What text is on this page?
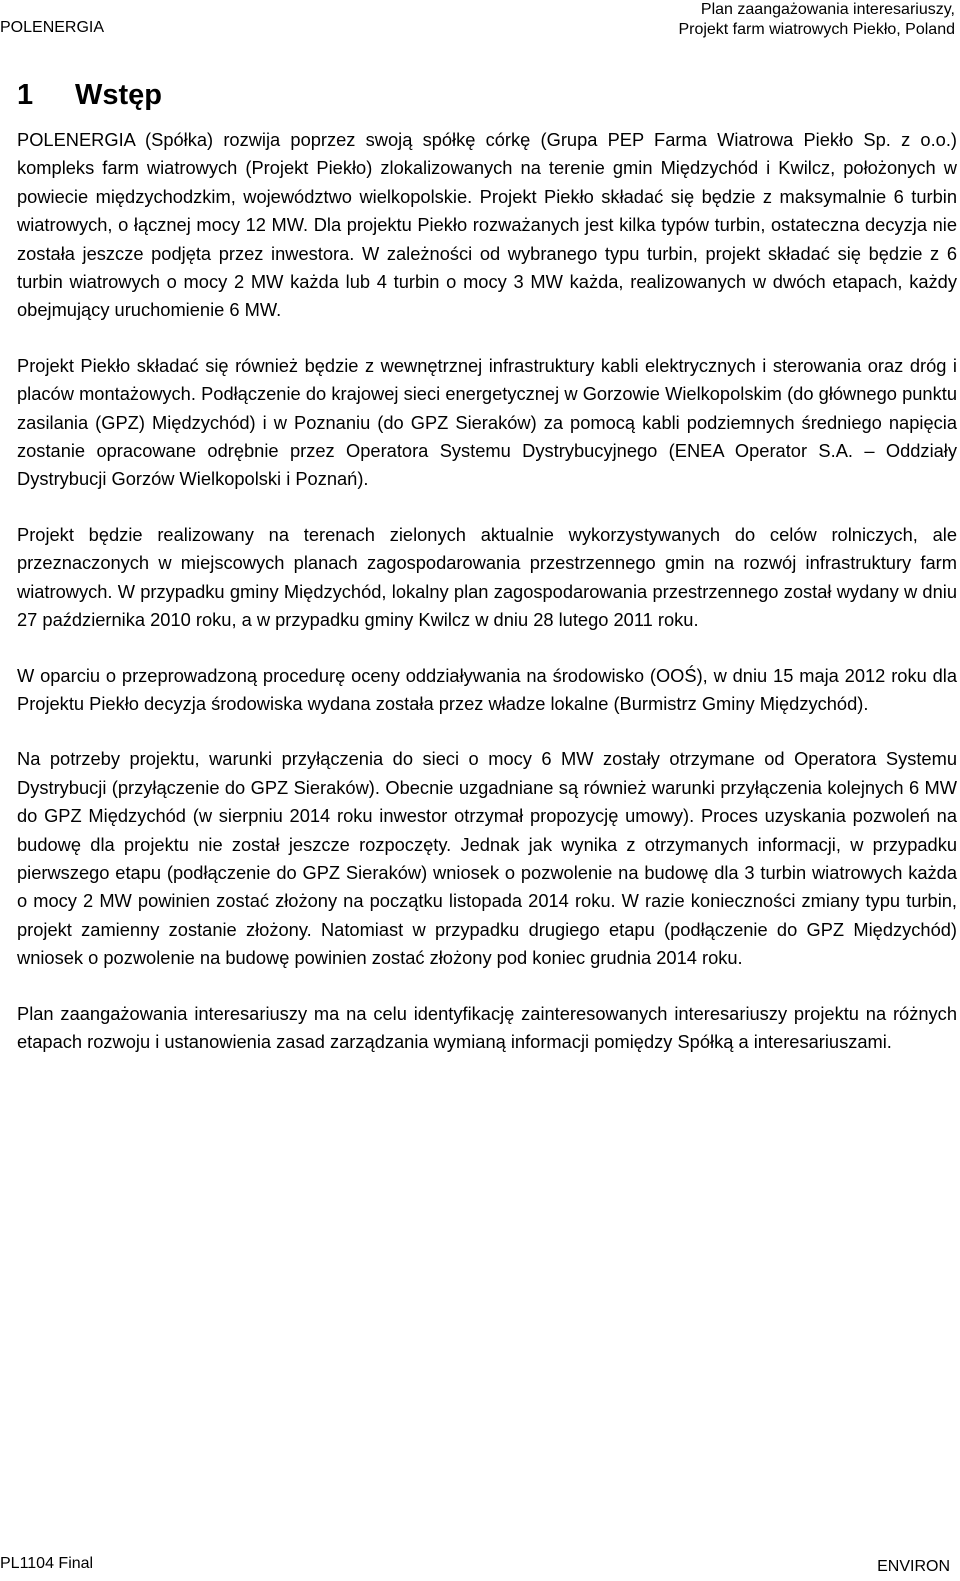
POLENERGIA
Plan zaangażowania interesariuszy,
Projekt farm wiatrowych Piekło, Poland
1 Wstęp

POLENERGIA (Spółka) rozwija poprzez swoją spółkę córkę (Grupa PEP Farma Wiatrowa Piekło Sp. z o.o.) kompleks farm wiatrowych (Projekt Piekło) zlokalizowanych na terenie gmin Międzychód i Kwilcz, położonych w powiecie międzychodzkim, województwo wielkopolskie. Projekt Piekło składać się będzie z maksymalnie 6 turbin wiatrowych, o łącznej mocy 12 MW. Dla projektu Piekło rozważanych jest kilka typów turbin, ostateczna decyzja nie została jeszcze podjęta przez inwestora. W zależności od wybranego typu turbin, projekt składać się będzie z 6 turbin wiatrowych o mocy 2 MW każda lub 4 turbin o mocy 3 MW każda, realizowanych w dwóch etapach, każdy obejmujący uruchomienie 6 MW.

Projekt Piekło składać się również będzie z wewnętrznej infrastruktury kabli elektrycznych i sterowania oraz dróg i placów montażowych. Podłączenie do krajowej sieci energetycznej w Gorzowie Wielkopolskim (do głównego punktu zasilania (GPZ) Międzychód) i w Poznaniu (do GPZ Sieraków) za pomocą kabli podziemnych średniego napięcia zostanie opracowane odrębnie przez Operatora Systemu Dystrybucyjnego (ENEA Operator S.A. – Oddziały Dystrybucji Gorzów Wielkopolski i Poznań).

Projekt będzie realizowany na terenach zielonych aktualnie wykorzystywanych do celów rolniczych, ale przeznaczonych w miejscowych planach zagospodarowania przestrzennego gmin na rozwój infrastruktury farm wiatrowych. W przypadku gminy Międzychód, lokalny plan zagospodarowania przestrzennego został wydany w dniu 27 października 2010 roku, a w przypadku gminy Kwilcz w dniu 28 lutego 2011 roku.

W oparciu o przeprowadzoną procedurę oceny oddziaływania na środowisko (OOŚ), w dniu 15 maja 2012 roku dla Projektu Piekło decyzja środowiska wydana została przez władze lokalne (Burmistrz Gminy Międzychód).

Na potrzeby projektu, warunki przyłączenia do sieci o mocy 6 MW zostały otrzymane od Operatora Systemu Dystrybucji (przyłączenie do GPZ Sieraków). Obecnie uzgadniane są również warunki przyłączenia kolejnych 6 MW do GPZ Międzychód (w sierpniu 2014 roku inwestor otrzymał propozycję umowy). Proces uzyskania pozwoleń na budowę dla projektu nie został jeszcze rozpoczęty. Jednak jak wynika z otrzymanych informacji, w przypadku pierwszego etapu (podłączenie do GPZ Sieraków) wniosek o pozwolenie na budowę dla 3 turbin wiatrowych każda o mocy 2 MW powinien zostać złożony na początku listopada 2014 roku. W razie konieczności zmiany typu turbin, projekt zamienny zostanie złożony. Natomiast w przypadku drugiego etapu (podłączenie do GPZ Międzychód) wniosek o pozwolenie na budowę powinien zostać złożony pod koniec grudnia 2014 roku.

Plan zaangażowania interesariuszy ma na celu identyfikację zainteresowanych interesariuszy projektu na różnych etapach rozwoju i ustanowienia zasad zarządzania wymianą informacji pomiędzy Spółką a interesariuszami.

PL1104 Final	ENVIRON
